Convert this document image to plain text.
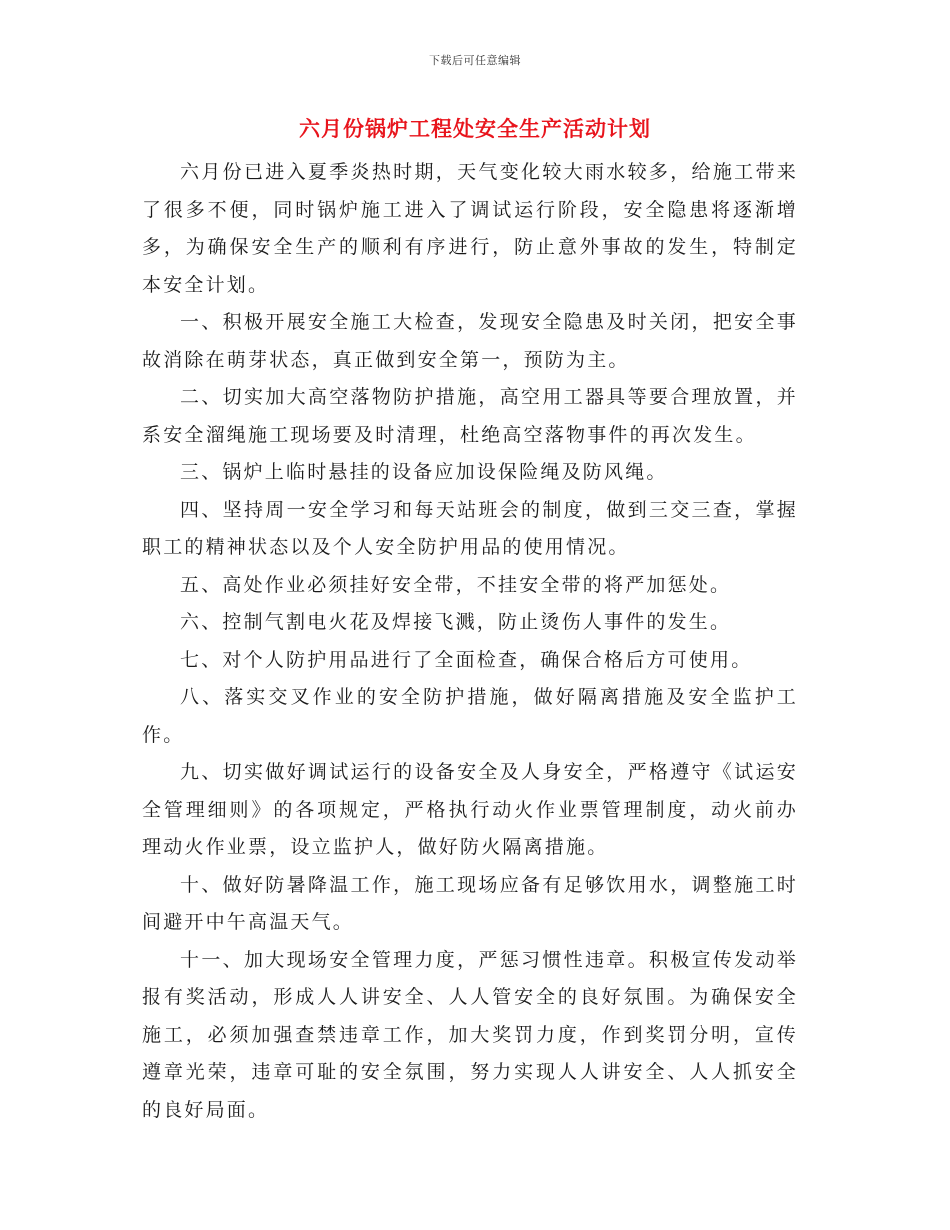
下载后可任意编辑
六月份锅炉工程处安全生产活动计划

六月份已进入夏季炎热时期，天气变化较大雨水较多，给施工带来了很多不便，同时锅炉施工进入了调试运行阶段，安全隐患将逐渐增多，为确保安全生产的顺利有序进行，防止意外事故的发生，特制定本安全计划。

一、积极开展安全施工大检查，发现安全隐患及时关闭，把安全事故消除在萌芽状态，真正做到安全第一，预防为主。

二、切实加大高空落物防护措施，高空用工器具等要合理放置，并系安全溜绳施工现场要及时清理，杜绝高空落物事件的再次发生。

三、锅炉上临时悬挂的设备应加设保险绳及防风绳。

四、坚持周一安全学习和每天站班会的制度，做到三交三查，掌握职工的精神状态以及个人安全防护用品的使用情况。

五、高处作业必须挂好安全带，不挂安全带的将严加惩处。

六、控制气割电火花及焊接飞溅，防止烫伤人事件的发生。

七、对个人防护用品进行了全面检查，确保合格后方可使用。

八、落实交叉作业的安全防护措施，做好隔离措施及安全监护工作。

九、切实做好调试运行的设备安全及人身安全，严格遵守《试运安全管理细则》的各项规定，严格执行动火作业票管理制度，动火前办理动火作业票，设立监护人，做好防火隔离措施。

十、做好防暑降温工作，施工现场应备有足够饮用水，调整施工时间避开中午高温天气。

十一、加大现场安全管理力度，严惩习惯性违章。积极宣传发动举报有奖活动，形成人人讲安全、人人管安全的良好氛围。为确保安全施工，必须加强查禁违章工作，加大奖罚力度，作到奖罚分明，宣传遵章光荣，违章可耻的安全氛围，努力实现人人讲安全、人人抓安全的良好局面。
